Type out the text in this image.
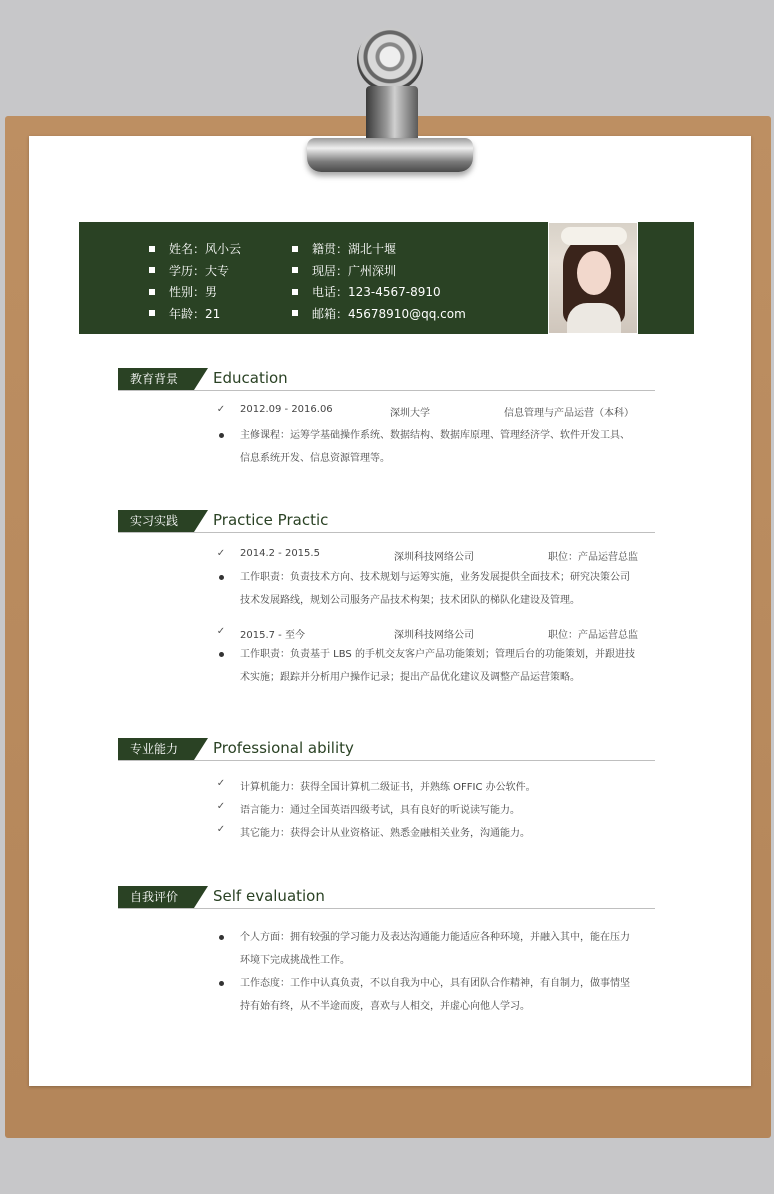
姓名：风小云
学历：大专
性别：男
年龄：21
籍贯：湖北十堰
现居：广州深圳
电话：123-4567-8910
邮箱：45678910@qq.com
教育背景	Education
✓ 2012.09 - 2016.06	深圳大学	信息管理与产品运营（本科）
主修课程：运筹学基础操作系统、数据结构、数据库原理、管理经济学、软件开发工具、
信息系统开发、信息资源管理等。
实习实践	Practice Practic
✓ 2014.2 - 2015.5	深圳科技网络公司	职位：产品运营总监
工作职责：负责技术方向、技术规划与运筹实施，业务发展提供全面技术；研究决策公司
技术发展路线，规划公司服务产品技术构架；技术团队的梯队化建设及管理。
✓ 2015.7 - 至今	深圳科技网络公司	职位：产品运营总监
工作职责：负责基于 LBS 的手机交友客户产品功能策划；管理后台的功能策划，并跟进技
术实施；跟踪并分析用户操作记录；提出产品优化建议及调整产品运营策略。
专业能力	Professional ability
✓ 计算机能力：获得全国计算机二级证书，并熟练 OFFIC 办公软件。
✓ 语言能力：通过全国英语四级考试，具有良好的听说读写能力。
✓ 其它能力：获得会计从业资格证、熟悉金融相关业务，沟通能力。
自我评价	Self evaluation
个人方面：拥有较强的学习能力及表达沟通能力能适应各种环境，并融入其中，能在压力
环境下完成挑战性工作。
工作态度：工作中认真负责，不以自我为中心，具有团队合作精神，有自制力，做事情坚
持有始有终，从不半途而废，喜欢与人相交，并虚心向他人学习。
